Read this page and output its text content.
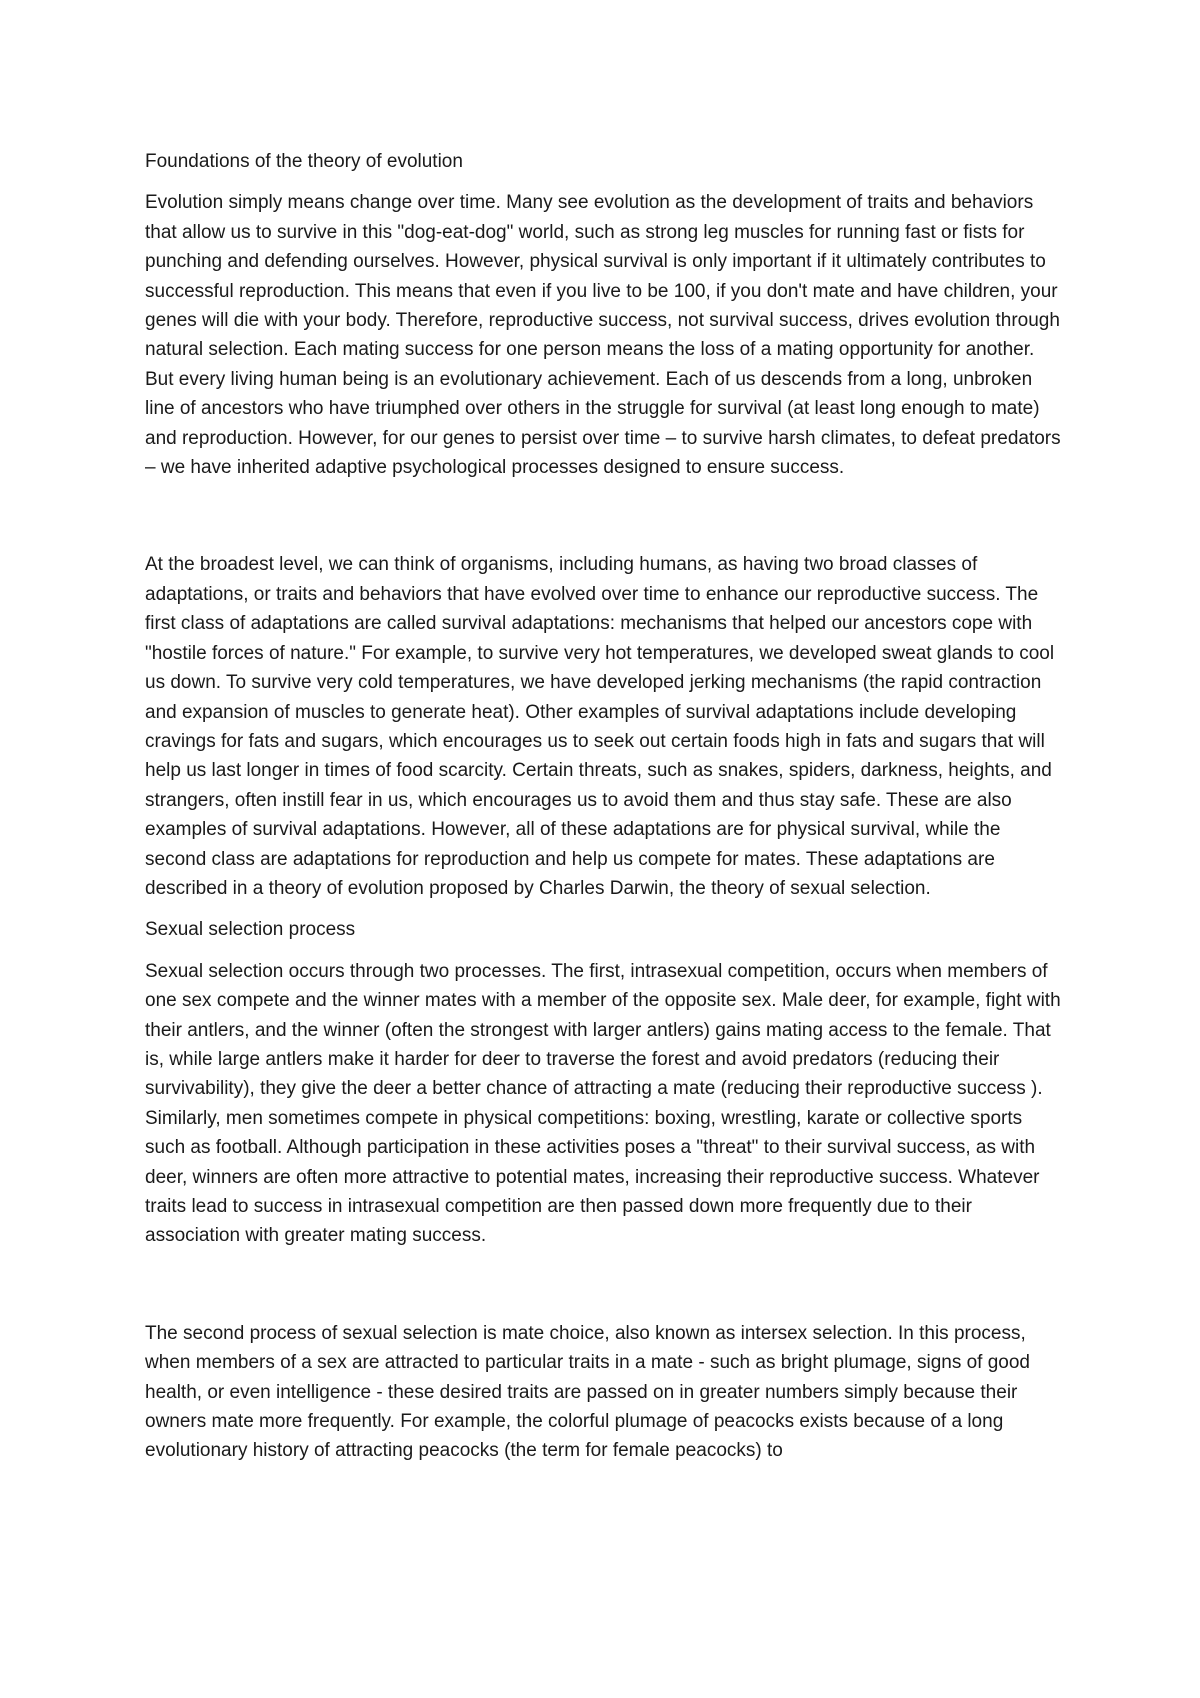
Foundations of the theory of evolution

Evolution simply means change over time. Many see evolution as the development of traits and behaviors that allow us to survive in this "dog-eat-dog" world, such as strong leg muscles for running fast or fists for punching and defending ourselves. However, physical survival is only important if it ultimately contributes to successful reproduction. This means that even if you live to be 100, if you don't mate and have children, your genes will die with your body. Therefore, reproductive success, not survival success, drives evolution through natural selection. Each mating success for one person means the loss of a mating opportunity for another. But every living human being is an evolutionary achievement. Each of us descends from a long, unbroken line of ancestors who have triumphed over others in the struggle for survival (at least long enough to mate) and reproduction. However, for our genes to persist over time – to survive harsh climates, to defeat predators – we have inherited adaptive psychological processes designed to ensure success.

At the broadest level, we can think of organisms, including humans, as having two broad classes of adaptations, or traits and behaviors that have evolved over time to enhance our reproductive success. The first class of adaptations are called survival adaptations: mechanisms that helped our ancestors cope with "hostile forces of nature." For example, to survive very hot temperatures, we developed sweat glands to cool us down. To survive very cold temperatures, we have developed jerking mechanisms (the rapid contraction and expansion of muscles to generate heat). Other examples of survival adaptations include developing cravings for fats and sugars, which encourages us to seek out certain foods high in fats and sugars that will help us last longer in times of food scarcity. Certain threats, such as snakes, spiders, darkness, heights, and strangers, often instill fear in us, which encourages us to avoid them and thus stay safe. These are also examples of survival adaptations. However, all of these adaptations are for physical survival, while the second class are adaptations for reproduction and help us compete for mates. These adaptations are described in a theory of evolution proposed by Charles Darwin, the theory of sexual selection.

Sexual selection process

Sexual selection occurs through two processes. The first, intrasexual competition, occurs when members of one sex compete and the winner mates with a member of the opposite sex. Male deer, for example, fight with their antlers, and the winner (often the strongest with larger antlers) gains mating access to the female. That is, while large antlers make it harder for deer to traverse the forest and avoid predators (reducing their survivability), they give the deer a better chance of attracting a mate (reducing their reproductive success ). Similarly, men sometimes compete in physical competitions: boxing, wrestling, karate or collective sports such as football. Although participation in these activities poses a "threat" to their survival success, as with deer, winners are often more attractive to potential mates, increasing their reproductive success. Whatever traits lead to success in intrasexual competition are then passed down more frequently due to their association with greater mating success.

The second process of sexual selection is mate choice, also known as intersex selection. In this process, when members of a sex are attracted to particular traits in a mate - such as bright plumage, signs of good health, or even intelligence - these desired traits are passed on in greater numbers simply because their owners mate more frequently. For example, the colorful plumage of peacocks exists because of a long evolutionary history of attracting peacocks (the term for female peacocks) to
